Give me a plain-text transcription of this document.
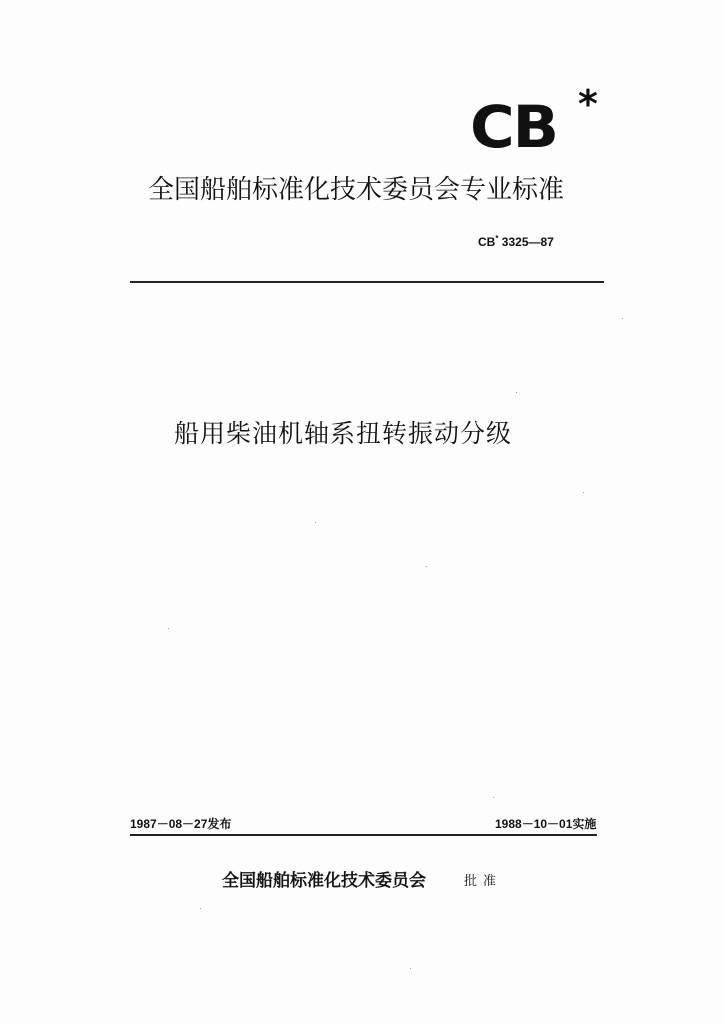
CB *
全国船舶标准化技术委员会专业标准
CB* 3325—87
船用柴油机轴系扭转振动分级
1987－08－27发布	1988－10－01实施
全国船舶标准化技术委员会	批准
